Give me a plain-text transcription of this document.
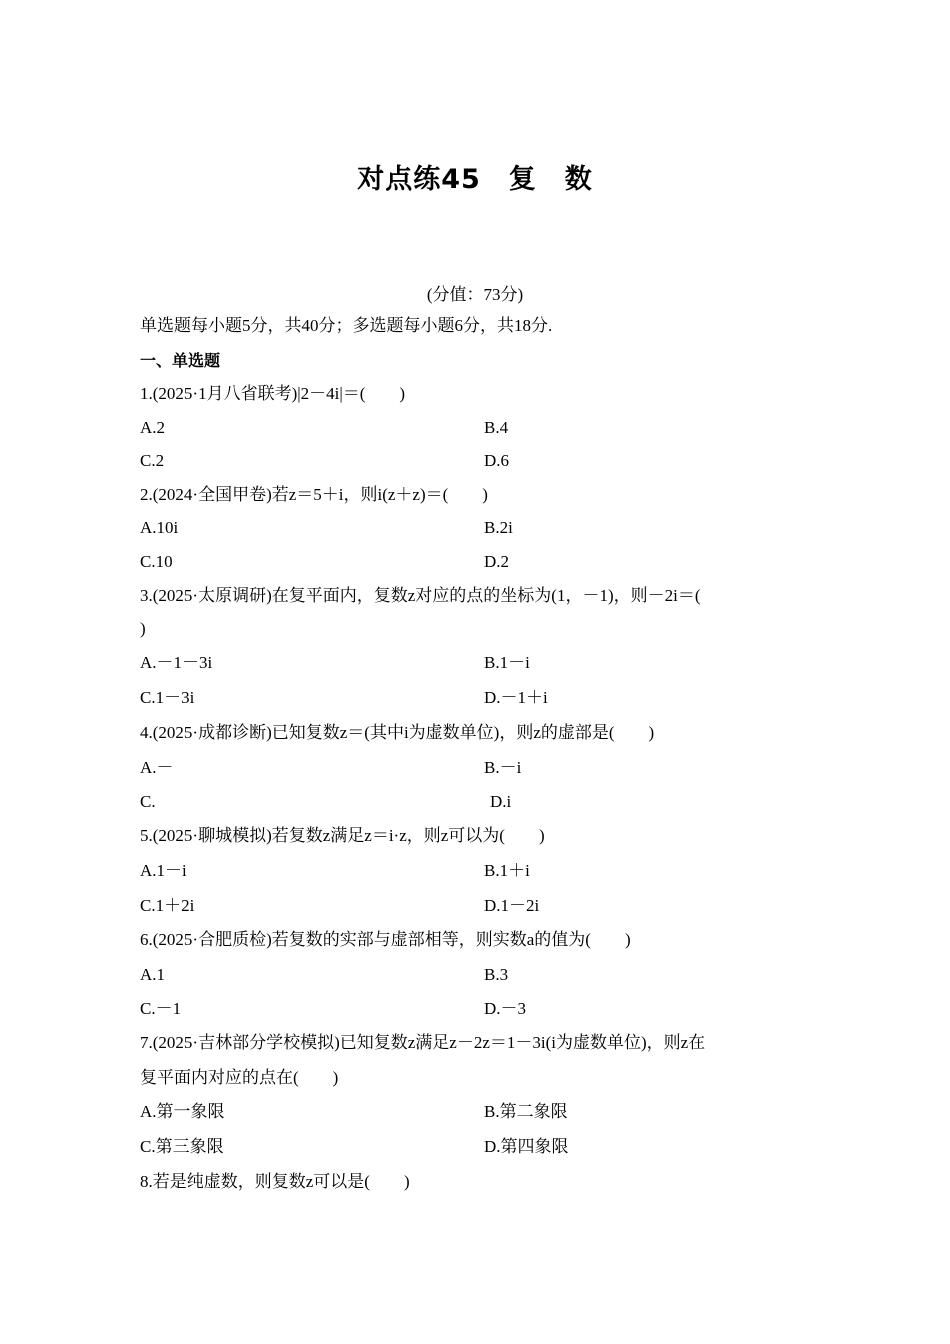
对点练45　复　数
(分值：73分)
单选题每小题5分，共40分；多选题每小题6分，共18分.
一、单选题
1.(2025·1月八省联考)|2－4i|＝(　　)
A.2	B.4
C.2	D.6
2.(2024·全国甲卷)若z＝5＋i，则i(z＋z)＝(　　)
A.10i	B.2i
C.10	D.2
3.(2025·太原调研)在复平面内，复数z对应的点的坐标为(1，－1)，则－2i＝(
)
A.－1－3i	B.1－i
C.1－3i	D.－1＋i
4.(2025·成都诊断)已知复数z＝(其中i为虚数单位)，则z的虚部是(　　)
A.－	B.－i
C.	D.i
5.(2025·聊城模拟)若复数z满足z＝i·z，则z可以为(　　)
A.1－i	B.1＋i
C.1＋2i	D.1－2i
6.(2025·合肥质检)若复数的实部与虚部相等，则实数a的值为(　　)
A.1	B.3
C.－1	D.－3
7.(2025·吉林部分学校模拟)已知复数z满足z－2z＝1－3i(i为虚数单位)，则z在
复平面内对应的点在(　　)
A.第一象限	B.第二象限
C.第三象限	D.第四象限
8.若是纯虚数，则复数z可以是(　　)
